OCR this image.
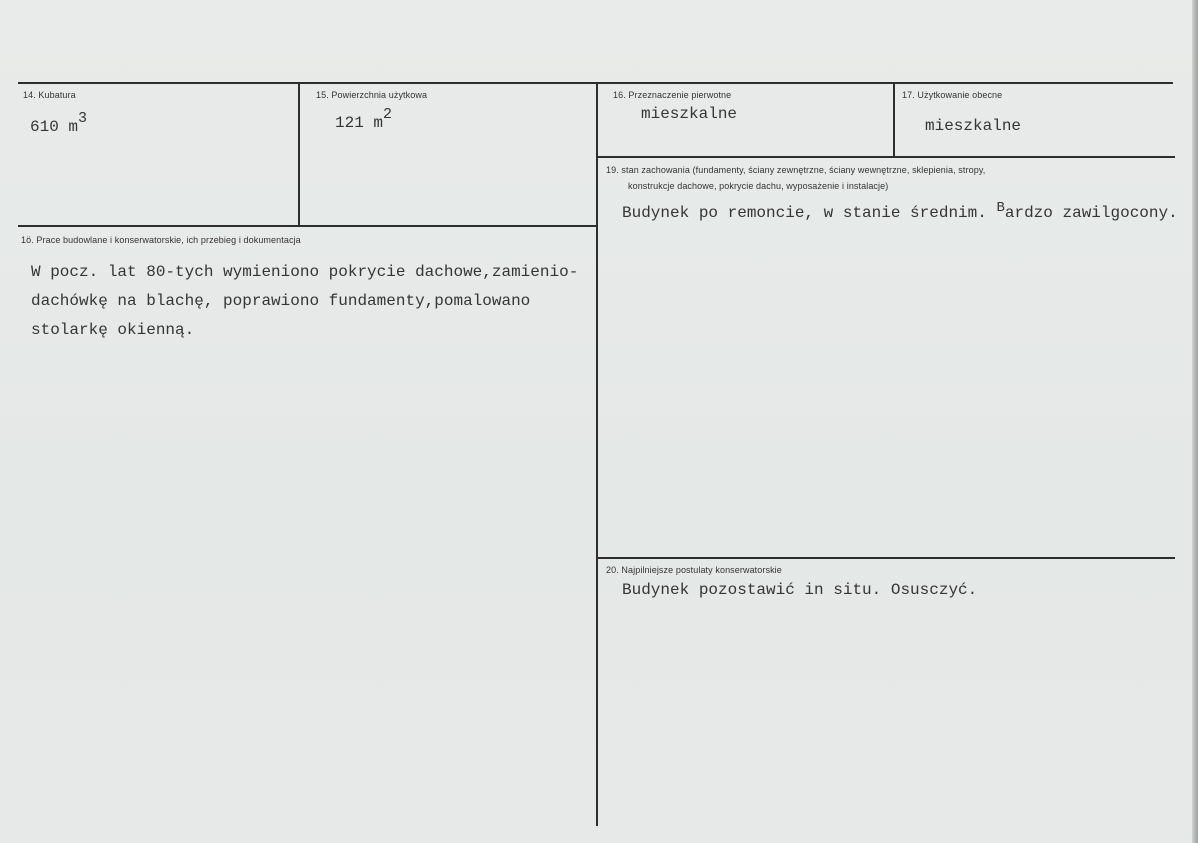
14. Kubatura
610 m3
15. Powierzchnia użytkowa
121 m2
16. Przeznaczenie pierwotne
mieszkalne
17. Użytkowanie obecne
mieszkalne
19. stan zachowania (fundamenty, ściany zewnętrzne, ściany wewnętrzne, sklepienia, stropy,
konstrukcje dachowe, pokrycie dachu, wyposażenie i instalacje)
Budynek po remoncie, w stanie średnim. Bardzo zawilgocony.
1ö. Prace budowlane i konserwatorskie, ich przebieg i dokumentacja
W pocz. lat 80-tych wymieniono pokrycie dachowe,zamienio-
dachówkę na blachę, poprawiono fundamenty,pomalowano
stolarkę okienną.
20. Najpilniejsze postulaty konserwatorskie
Budynek pozostawić in situ. Osusczyć.
